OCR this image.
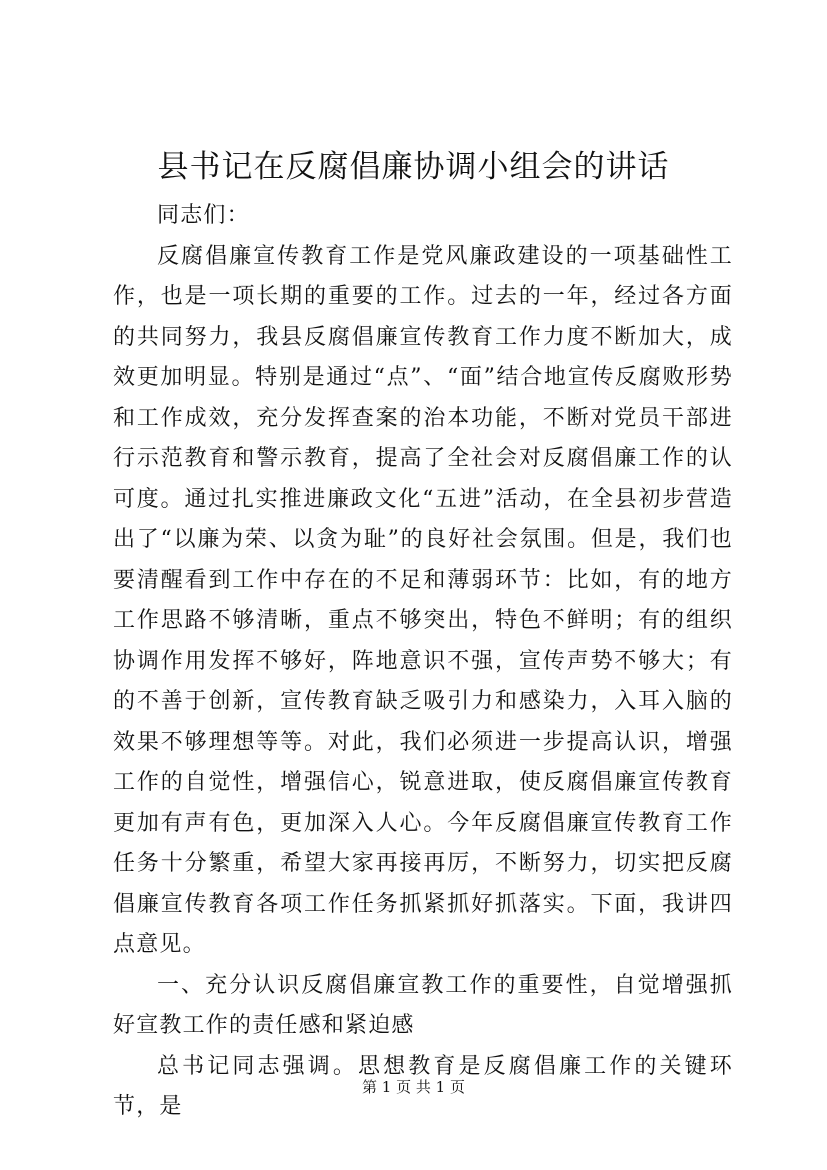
县书记在反腐倡廉协调小组会的讲话

同志们：

反腐倡廉宣传教育工作是党风廉政建设的一项基础性工作，也是一项长期的重要的工作。过去的一年，经过各方面的共同努力，我县反腐倡廉宣传教育工作力度不断加大，成效更加明显。特别是通过“点”、“面”结合地宣传反腐败形势和工作成效，充分发挥查案的治本功能，不断对党员干部进行示范教育和警示教育，提高了全社会对反腐倡廉工作的认可度。通过扎实推进廉政文化“五进”活动，在全县初步营造出了“以廉为荣、以贪为耻”的良好社会氛围。但是，我们也要清醒看到工作中存在的不足和薄弱环节：比如，有的地方工作思路不够清晰，重点不够突出，特色不鲜明；有的组织协调作用发挥不够好，阵地意识不强，宣传声势不够大；有的不善于创新，宣传教育缺乏吸引力和感染力，入耳入脑的效果不够理想等等。对此，我们必须进一步提高认识，增强工作的自觉性，增强信心，锐意进取，使反腐倡廉宣传教育更加有声有色，更加深入人心。今年反腐倡廉宣传教育工作任务十分繁重，希望大家再接再厉，不断努力，切实把反腐倡廉宣传教育各项工作任务抓紧抓好抓落实。下面，我讲四点意见。

一、充分认识反腐倡廉宣教工作的重要性，自觉增强抓好宣教工作的责任感和紧迫感

总书记同志强调。思想教育是反腐倡廉工作的关键环节，是

第 1 页 共 1 页
